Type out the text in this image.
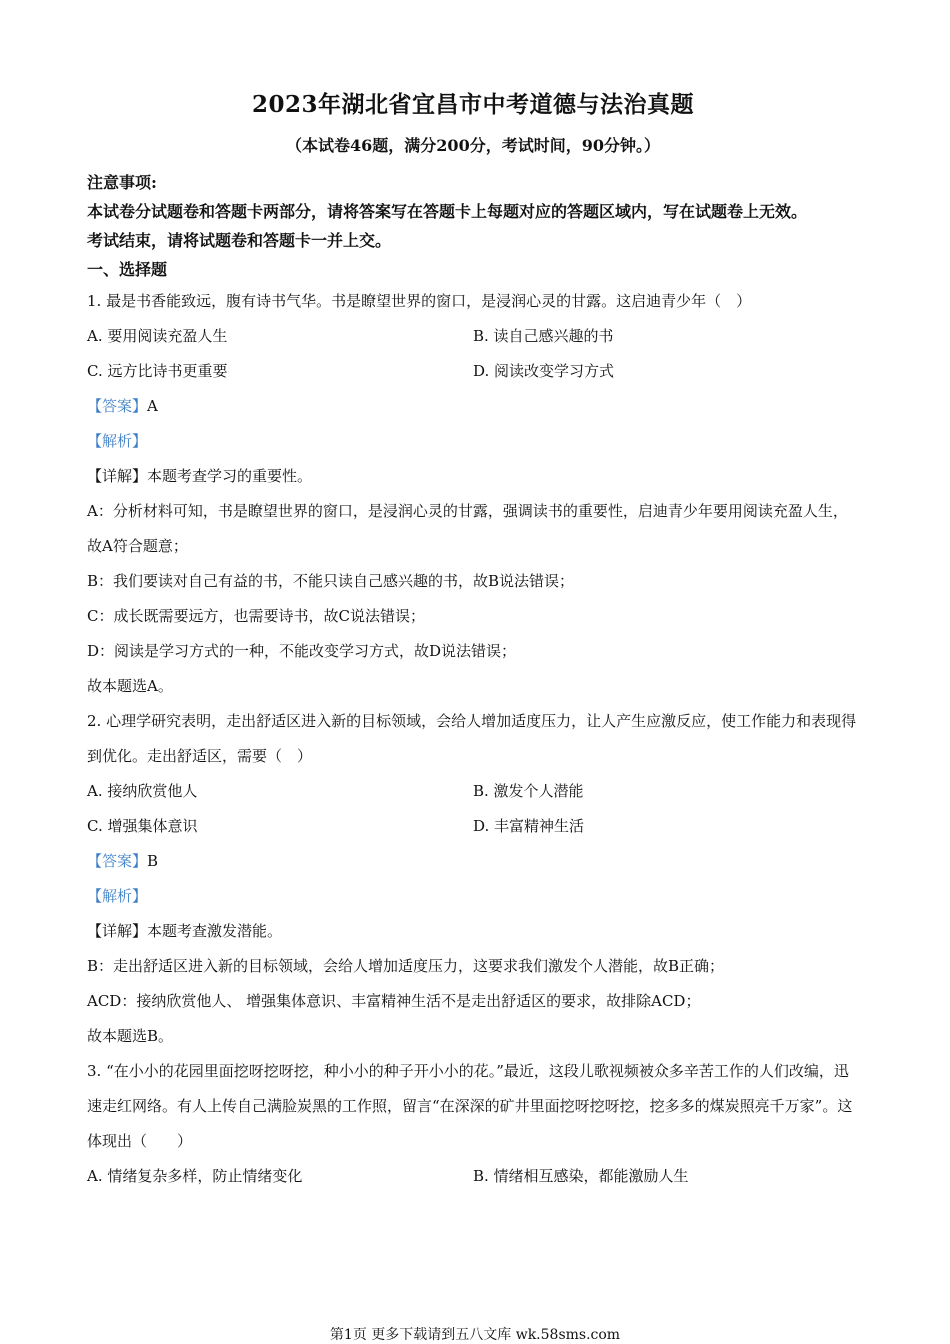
2023年湖北省宜昌市中考道德与法治真题
（本试卷46题，满分200分，考试时间，90分钟。）
注意事项:
本试卷分试题卷和答题卡两部分，请将答案写在答题卡上每题对应的答题区域内，写在试题卷上无效。
考试结束，请将试题卷和答题卡一并上交。
一、选择题
1. 最是书香能致远，腹有诗书气华。书是瞭望世界的窗口，是浸润心灵的甘露。这启迪青少年（　）
A. 要用阅读充盈人生	B. 读自己感兴趣的书
C. 远方比诗书更重要	D. 阅读改变学习方式
【答案】A
【解析】
【详解】本题考查学习的重要性。
A：分析材料可知，书是瞭望世界的窗口，是浸润心灵的甘露，强调读书的重要性，启迪青少年要用阅读充盈人生，故A符合题意；
B：我们要读对自己有益的书，不能只读自己感兴趣的书，故B说法错误；
C：成长既需要远方，也需要诗书，故C说法错误；
D：阅读是学习方式的一种，不能改变学习方式，故D说法错误；
故本题选A。
2. 心理学研究表明，走出舒适区进入新的目标领域，会给人增加适度压力，让人产生应激反应，使工作能力和表现得到优化。走出舒适区，需要（　）
A. 接纳欣赏他人	B. 激发个人潜能
C. 增强集体意识	D. 丰富精神生活
【答案】B
【解析】
【详解】本题考查激发潜能。
B：走出舒适区进入新的目标领域，会给人增加适度压力，这要求我们激发个人潜能，故B正确；
ACD：接纳欣赏他人、 增强集体意识、丰富精神生活不是走出舒适区的要求，故排除ACD；
故本题选B。
3. “在小小的花园里面挖呀挖呀挖，种小小的种子开小小的花。”最近，这段儿歌视频被众多辛苦工作的人们改编，迅速走红网络。有人上传自己满脸炭黑的工作照，留言“在深深的矿井里面挖呀挖呀挖，挖多多的煤炭照亮千万家”。这体现出（　　）
A. 情绪复杂多样，防止情绪变化	B. 情绪相互感染，都能激励人生
第1页 更多下载请到五八文库 wk.58sms.com
